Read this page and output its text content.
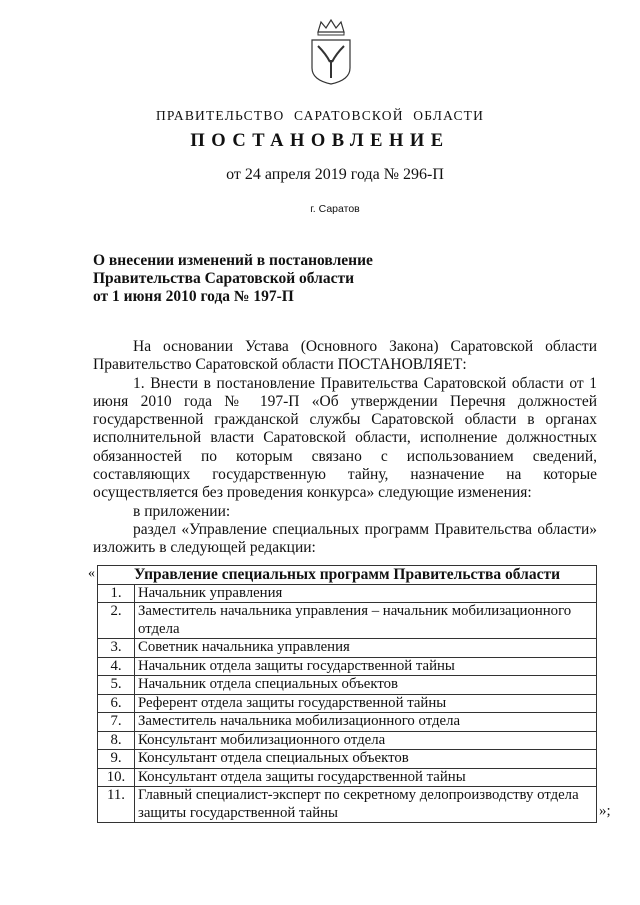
ПРАВИТЕЛЬСТВО САРАТОВСКОЙ ОБЛАСТИ
ПОСТАНОВЛЕНИЕ
от 24 апреля 2019 года № 296-П
г. Саратов
О внесении изменений в постановление
Правительства Саратовской области
от 1 июня 2010 года № 197-П

На основании Устава (Основного Закона) Саратовской области Правительство Саратовской области ПОСТАНОВЛЯЕТ:

1. Внести в постановление Правительства Саратовской области от 1 июня 2010 года № 197-П «Об утверждении Перечня должностей государственной гражданской службы Саратовской области в органах исполнительной власти Саратовской области, исполнение должностных обязанностей по которым связано с использованием сведений, составляющих государственную тайну, назначение на которые осуществляется без проведения конкурса» следующие изменения:

в приложении:

раздел «Управление специальных программ Правительства области» изложить в следующей редакции:

«	Управление специальных программ Правительства области	
1.	Начальник управления
2.	Заместитель начальника управления – начальник мобилизационного отдела
3.	Советник начальника управления
4.	Начальник отдела защиты государственной тайны
5.	Начальник отдела специальных объектов
6.	Референт отдела защиты государственной тайны
7.	Заместитель начальника мобилизационного отдела
8.	Консультант мобилизационного отдела
9.	Консультант отдела специальных объектов
10.	Консультант отдела защиты государственной тайны
11.	Главный специалист-эксперт по секретному делопроизводству отдела защиты государственной тайны	»;
